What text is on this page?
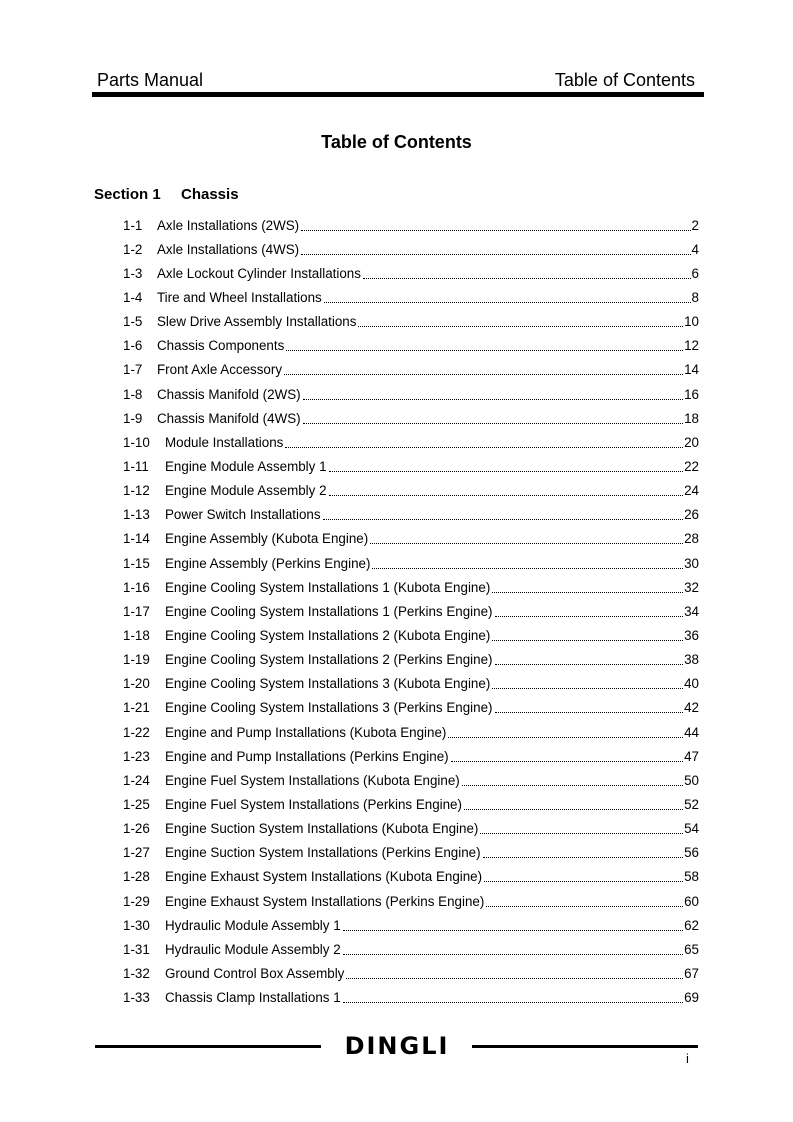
Parts Manual	Table of Contents
Table of Contents
Section 1 Chassis
1-1	Axle Installations (2WS)	2
1-2	Axle Installations (4WS)	4
1-3	Axle Lockout Cylinder Installations	6
1-4	Tire and Wheel Installations	8
1-5	Slew Drive Assembly Installations	10
1-6	Chassis Components	12
1-7	Front Axle Accessory	14
1-8	Chassis Manifold (2WS)	16
1-9	Chassis Manifold (4WS)	18
1-10	Module Installations	20
1-11	Engine Module Assembly 1	22
1-12	Engine Module Assembly 2	24
1-13	Power Switch Installations	26
1-14	Engine Assembly (Kubota Engine)	28
1-15	Engine Assembly (Perkins Engine)	30
1-16	Engine Cooling System Installations 1 (Kubota Engine)	32
1-17	Engine Cooling System Installations 1 (Perkins Engine)	34
1-18	Engine Cooling System Installations 2 (Kubota Engine)	36
1-19	Engine Cooling System Installations 2 (Perkins Engine)	38
1-20	Engine Cooling System Installations 3 (Kubota Engine)	40
1-21	Engine Cooling System Installations 3 (Perkins Engine)	42
1-22	Engine and Pump Installations (Kubota Engine)	44
1-23	Engine and Pump Installations (Perkins Engine)	47
1-24	Engine Fuel System Installations (Kubota Engine)	50
1-25	Engine Fuel System Installations (Perkins Engine)	52
1-26	Engine Suction System Installations (Kubota Engine)	54
1-27	Engine Suction System Installations (Perkins Engine)	56
1-28	Engine Exhaust System Installations (Kubota Engine)	58
1-29	Engine Exhaust System Installations (Perkins Engine)	60
1-30	Hydraulic Module Assembly 1	62
1-31	Hydraulic Module Assembly 2	65
1-32	Ground Control Box Assembly	67
1-33	Chassis Clamp Installations 1	69
DINGLI	i
